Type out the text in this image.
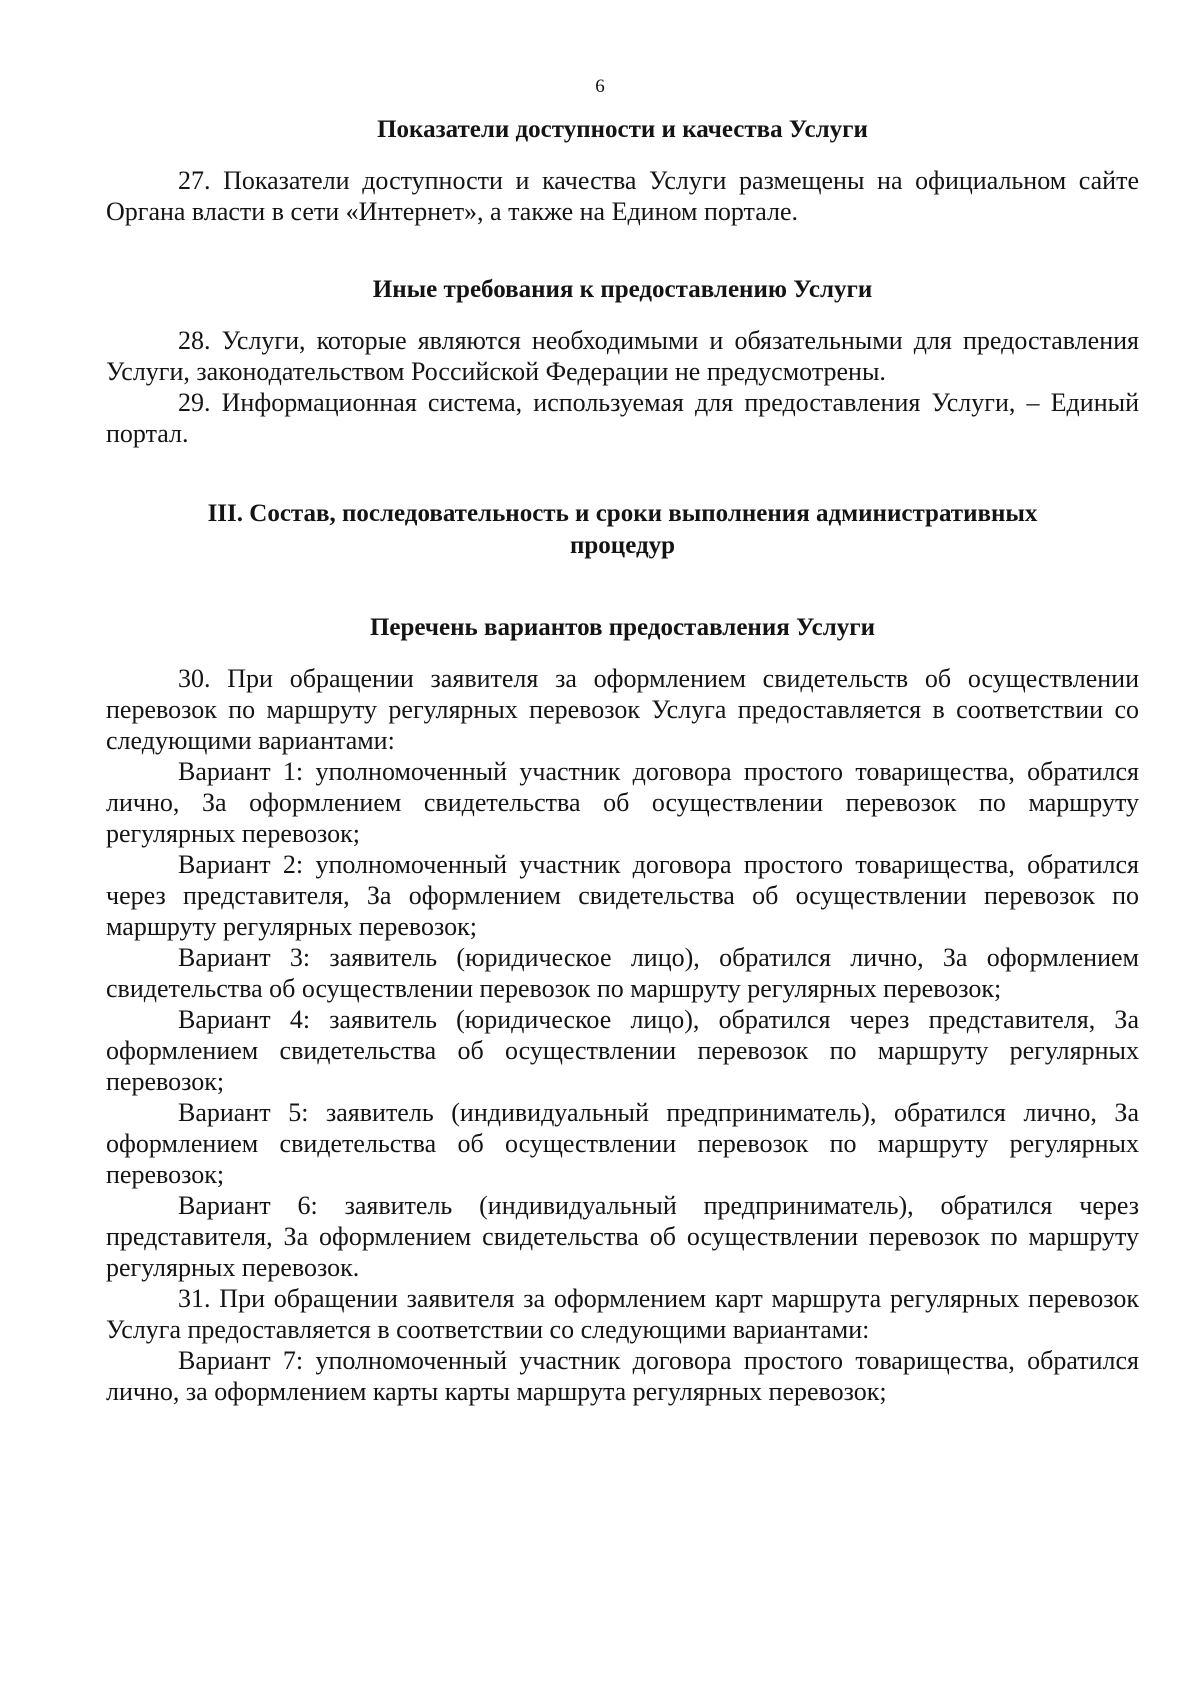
6
Показатели доступности и качества Услуги

27. Показатели доступности и качества Услуги размещены на официальном сайте Органа власти в сети «Интернет», а также на Едином портале.

Иные требования к предоставлению Услуги

28. Услуги, которые являются необходимыми и обязательными для предоставления Услуги, законодательством Российской Федерации не предусмотрены.

29. Информационная система, используемая для предоставления Услуги, – Единый портал.

III. Состав, последовательность и сроки выполнения административных
процедур
Перечень вариантов предоставления Услуги

30. При обращении заявителя за оформлением свидетельств об осуществлении перевозок по маршруту регулярных перевозок Услуга предоставляется в соответствии со следующими вариантами:

Вариант 1: уполномоченный участник договора простого товарищества, обратился лично, За оформлением свидетельства об осуществлении перевозок по маршруту регулярных перевозок;

Вариант 2: уполномоченный участник договора простого товарищества, обратился через представителя, За оформлением свидетельства об осуществлении перевозок по маршруту регулярных перевозок;

Вариант 3: заявитель (юридическое лицо), обратился лично, За оформлением свидетельства об осуществлении перевозок по маршруту регулярных перевозок;

Вариант 4: заявитель (юридическое лицо), обратился через представителя, За оформлением свидетельства об осуществлении перевозок по маршруту регулярных перевозок;

Вариант 5: заявитель (индивидуальный предприниматель), обратился лично, За оформлением свидетельства об осуществлении перевозок по маршруту регулярных перевозок;

Вариант 6: заявитель (индивидуальный предприниматель), обратился через представителя, За оформлением свидетельства об осуществлении перевозок по маршруту регулярных перевозок.

31. При обращении заявителя за оформлением карт маршрута регулярных перевозок Услуга предоставляется в соответствии со следующими вариантами:

Вариант 7: уполномоченный участник договора простого товарищества, обратился лично, за оформлением карты карты маршрута регулярных перевозок;
